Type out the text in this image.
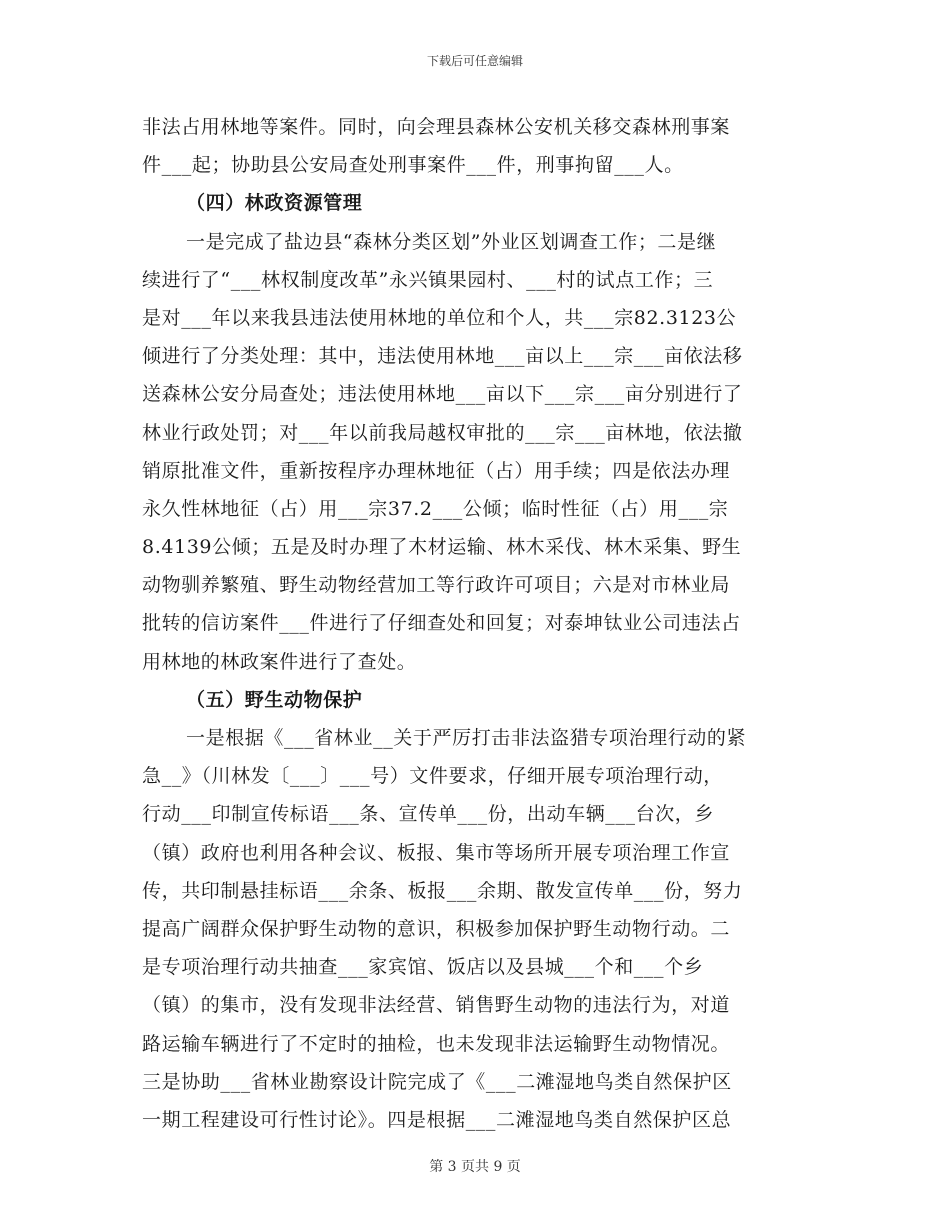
下载后可任意编辑
非法占用林地等案件。同时，向会理县森林公安机关移交森林刑事案
件___起；协助县公安局查处刑事案件___件，刑事拘留___人。
（四）林政资源管理
一是完成了盐边县“森林分类区划”外业区划调查工作；二是继
续进行了“___林权制度改革”永兴镇果园村、___村的试点工作；三
是对___年以来我县违法使用林地的单位和个人，共___宗82.3123公
倾进行了分类处理：其中，违法使用林地___亩以上___宗___亩依法移
送森林公安分局查处；违法使用林地___亩以下___宗___亩分别进行了
林业行政处罚；对___年以前我局越权审批的___宗___亩林地，依法撤
销原批准文件，重新按程序办理林地征（占）用手续；四是依法办理
永久性林地征（占）用___宗37.2___公倾；临时性征（占）用___宗
8.4139公倾；五是及时办理了木材运输、林木采伐、林木采集、野生
动物驯养繁殖、野生动物经营加工等行政许可项目；六是对市林业局
批转的信访案件___件进行了仔细查处和回复；对泰坤钛业公司违法占
用林地的林政案件进行了查处。
（五）野生动物保护
一是根据《___省林业__关于严厉打击非法盗猎专项治理行动的紧
急__》（川林发〔___〕___号）文件要求，仔细开展专项治理行动，
行动___印制宣传标语___条、宣传单___份，出动车辆___台次，乡
（镇）政府也利用各种会议、板报、集市等场所开展专项治理工作宣
传，共印制悬挂标语___余条、板报___余期、散发宣传单___份，努力
提高广阔群众保护野生动物的意识，积极参加保护野生动物行动。二
是专项治理行动共抽查___家宾馆、饭店以及县城___个和___个乡
（镇）的集市，没有发现非法经营、销售野生动物的违法行为，对道
路运输车辆进行了不定时的抽检，也未发现非法运输野生动物情况。
三是协助___省林业勘察设计院完成了《___二滩湿地鸟类自然保护区
一期工程建设可行性讨论》。四是根据___二滩湿地鸟类自然保护区总
第 3 页共 9 页
